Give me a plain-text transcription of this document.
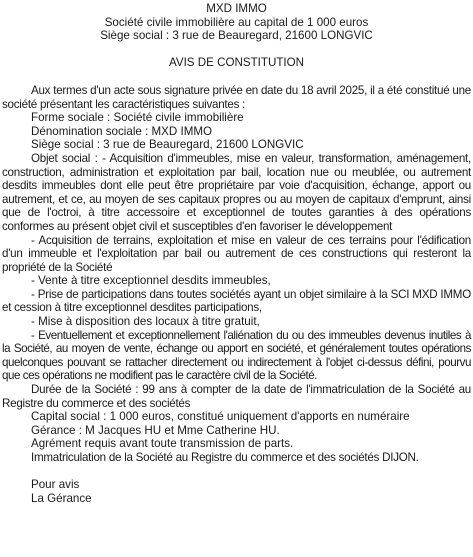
MXD IMMO
Société civile immobilière au capital de 1 000 euros
Siège social : 3 rue de Beauregard, 21600 LONGVIC
AVIS DE CONSTITUTION

Aux termes d'un acte sous signature privée en date du 18 avril 2025, il a été constitué une société présentant les caractéristiques suivantes :

Forme sociale : Société civile immobilière

Dénomination sociale : MXD IMMO

Siège social : 3 rue de Beauregard, 21600 LONGVIC

Objet social : - Acquisition d'immeubles, mise en valeur, transformation, aménagement, construction, administration et exploitation par bail, location nue ou meublée, ou autrement desdits immeubles dont elle peut être propriétaire par voie d'acquisition, échange, apport ou autrement, et ce, au moyen de ses capitaux propres ou au moyen de capitaux d'emprunt, ainsi que de l'octroi, à titre accessoire et exceptionnel de toutes garanties à des opérations conformes au présent objet civil et susceptibles d'en favoriser le développement

- Acquisition de terrains, exploitation et mise en valeur de ces terrains pour l'édification d'un immeuble et l'exploitation par bail ou autrement de ces constructions qui resteront la propriété de la Société

- Vente à titre exceptionnel desdits immeubles,

- Prise de participations dans toutes sociétés ayant un objet similaire à la SCI MXD IMMO et cession à titre exceptionnel desdites participations,

- Mise à disposition des locaux à titre gratuit,

- Eventuellement et exceptionnellement l'aliénation du ou des immeubles devenus inutiles à la Société, au moyen de vente, échange ou apport en société, et généralement toutes opérations quelconques pouvant se rattacher directement ou indirectement à l'objet ci-dessus défini, pourvu que ces opérations ne modifient pas le caractère civil de la Société.

Durée de la Société : 99 ans à compter de la date de l'immatriculation de la Société au Registre du commerce et des sociétés

Capital social : 1 000 euros, constitué uniquement d'apports en numéraire

Gérance : M Jacques HU et Mme Catherine HU.

Agrément requis avant toute transmission de parts.

Immatriculation de la Société au Registre du commerce et des sociétés DIJON.

Pour avis

La Gérance
